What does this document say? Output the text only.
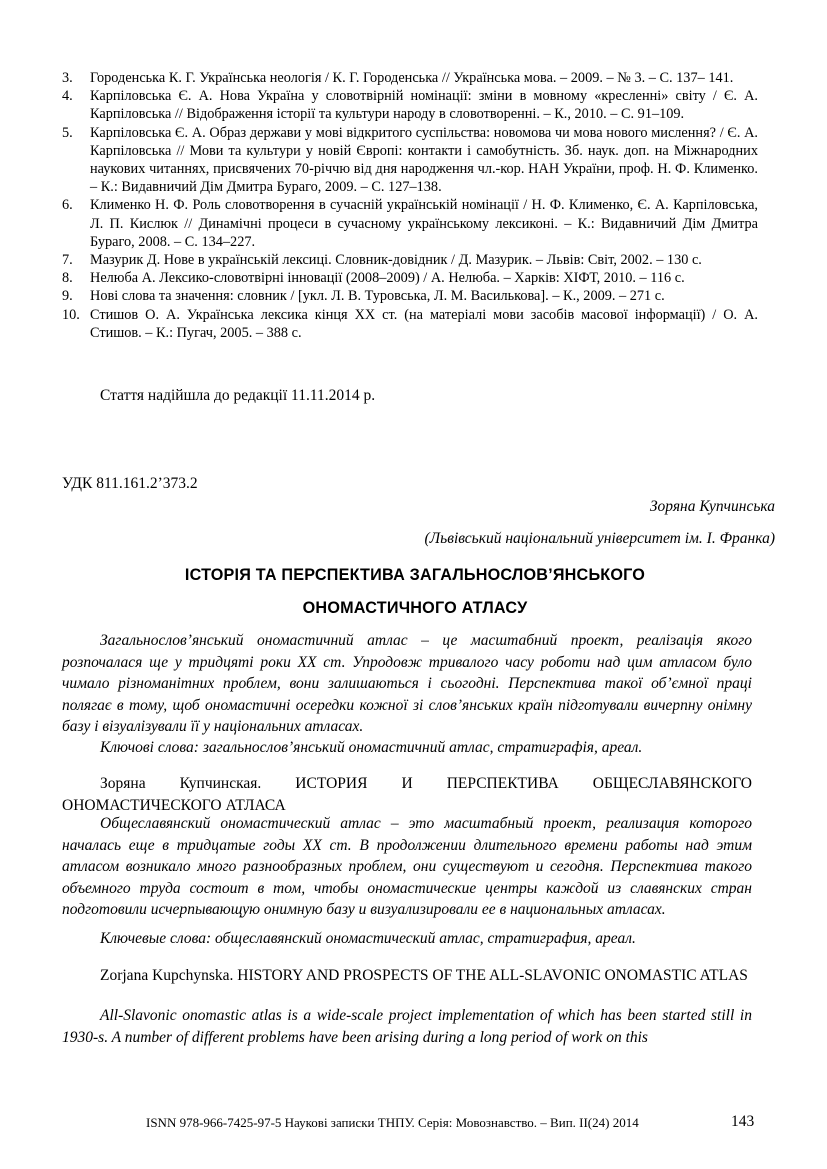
3.	Городенська К. Г. Українська неологія / К. Г. Городенська // Українська мова. – 2009. – № 3. – С. 137– 141.
4.	Карпіловська Є. А. Нова Україна у словотвірній номінації: зміни в мовному «кресленні» світу / Є. А. Карпіловська // Відображення історії та культури народу в словотворенні. – К., 2010. – С. 91–109.
5.	Карпіловська Є. А. Образ держави у мові відкритого суспільства: новомова чи мова нового мислення? / Є. А. Карпіловська // Мови та культури у новій Європі: контакти і самобутність. Зб. наук. доп. на Міжнародних наукових читаннях, присвячених 70-річчю від дня народження чл.-кор. НАН України, проф. Н. Ф. Клименко. – К.: Видавничий Дім Дмитра Бураго, 2009. – С. 127–138.
6.	Клименко Н. Ф. Роль словотворення в сучасній українській номінації / Н. Ф. Клименко, Є. А. Карпіловська, Л. П. Кислюк // Динамічні процеси в сучасному українському лексиконі. – К.: Видавничий Дім Дмитра Бураго, 2008. – С. 134–227.
7.	Мазурик Д. Нове в українській лексиці. Словник-довідник / Д. Мазурик. – Львів: Світ, 2002. – 130 с.
8.	Нелюба А. Лексико-словотвірні інновації (2008–2009) / А. Нелюба. – Харків: ХІФТ, 2010. – 116 с.
9.	Нові слова та значення: словник / [укл. Л. В. Туровська, Л. М. Василькова]. – К., 2009. – 271 с.
10. Стишов О. А. Українська лексика кінця ХХ ст. (на матеріалі мови засобів масової інформації) / О. А. Стишов. – К.: Пугач, 2005. – 388 с.
Стаття надійшла до редакції 11.11.2014 р.
УДК 811.161.2’373.2
Зоряна Купчинська
(Львівський національний університет ім. І. Франка)
ІСТОРІЯ ТА ПЕРСПЕКТИВА ЗАГАЛЬНОСЛОВ’ЯНСЬКОГО
ОНОМАСТИЧНОГО АТЛАСУ
Загальнослов’янський ономастичний атлас – це масштабний проект, реалізація якого розпочалася ще у тридцяті роки ХХ ст. Упродовж тривалого часу роботи над цим атласом було чимало різноманітних проблем, вони залишаються і сьогодні. Перспектива такої об’ємної праці полягає в тому, щоб ономастичні осередки кожної зі слов’янських країн підготували вичерпну онімну базу і візуалізували її у національних атласах.
Ключові слова: загальнослов’янський ономастичний атлас, стратиграфія, ареал.
Зоряна Купчинская. ИСТОРИЯ И ПЕРСПЕКТИВА ОБЩЕСЛАВЯНСКОГО ОНОМАСТИЧЕСКОГО АТЛАСА
Общеславянский ономастический атлас – это масштабный проект, реализация которого началась еще в тридцатые годы ХХ ст. В продолжении длительного времени работы над этим атласом возникало много разнообразных проблем, они существуют и сегодня. Перспектива такого объемного труда состоит в том, чтобы ономастические центры каждой из славянских стран подготовили исчерпывающую онимную базу и визуализировали ее в национальных атласах.
Ключевые слова: общеславянский ономастический атлас, стратиграфия, ареал.
Zorjana Kupchynska. HISTORY AND PROSPECTS OF THE ALL-SLAVONIC ONOMASTIC ATLAS
All-Slavonic onomastic atlas is a wide-scale project implementation of which has been started still in 1930-s. A number of different problems have been arising during a long period of work on this
ISNN 978-966-7425-97-5 Наукові записки ТНПУ. Серія: Мовознавство. – Вип. ІІ(24) 2014	143
